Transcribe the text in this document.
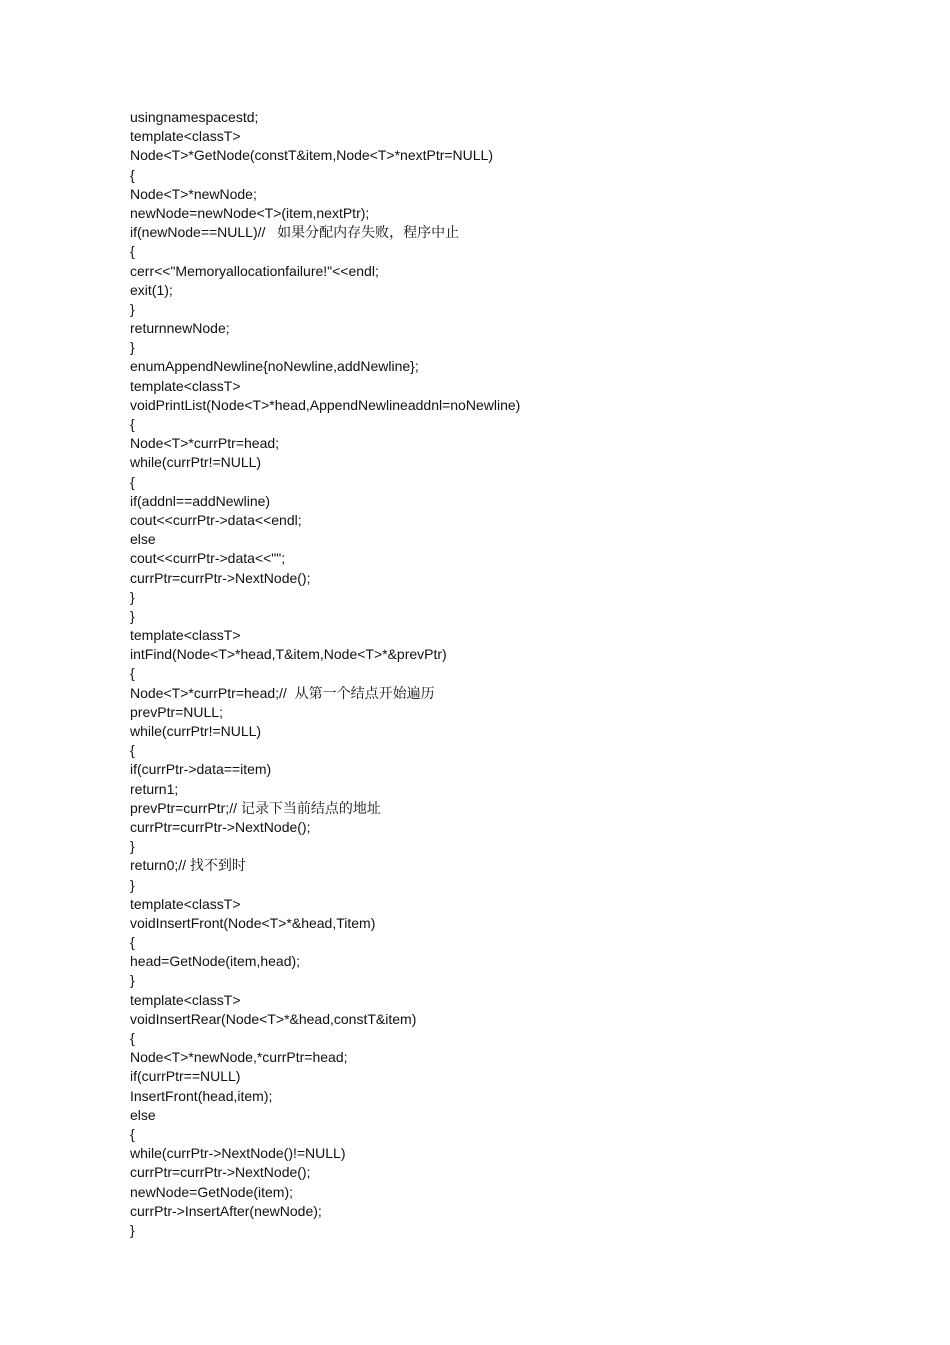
usingnamespacestd;
template<classT>
Node<T>*GetNode(constT&item,Node<T>*nextPtr=NULL)
{
Node<T>*newNode;
newNode=newNode<T>(item,nextPtr);
if(newNode==NULL)//   如果分配内存失败，程序中止
{
cerr<<"Memoryallocationfailure!"<<endl;
exit(1);
}
returnnewNode;
}
enumAppendNewline{noNewline,addNewline};
template<classT>
voidPrintList(Node<T>*head,AppendNewlineaddnl=noNewline)
{
Node<T>*currPtr=head;
while(currPtr!=NULL)
{
if(addnl==addNewline)
cout<<currPtr->data<<endl;
else
cout<<currPtr->data<<"";
currPtr=currPtr->NextNode();
}
}
template<classT>
intFind(Node<T>*head,T&item,Node<T>*&prevPtr)
{
Node<T>*currPtr=head;//  从第一个结点开始遍历
prevPtr=NULL;
while(currPtr!=NULL)
{
if(currPtr->data==item)
return1;
prevPtr=currPtr;// 记录下当前结点的地址
currPtr=currPtr->NextNode();
}
return0;// 找不到时
}
template<classT>
voidInsertFront(Node<T>*&head,Titem)
{
head=GetNode(item,head);
}
template<classT>
voidInsertRear(Node<T>*&head,constT&item)
{
Node<T>*newNode,*currPtr=head;
if(currPtr==NULL)
InsertFront(head,item);
else
{
while(currPtr->NextNode()!=NULL)
currPtr=currPtr->NextNode();
newNode=GetNode(item);
currPtr->InsertAfter(newNode);
}
